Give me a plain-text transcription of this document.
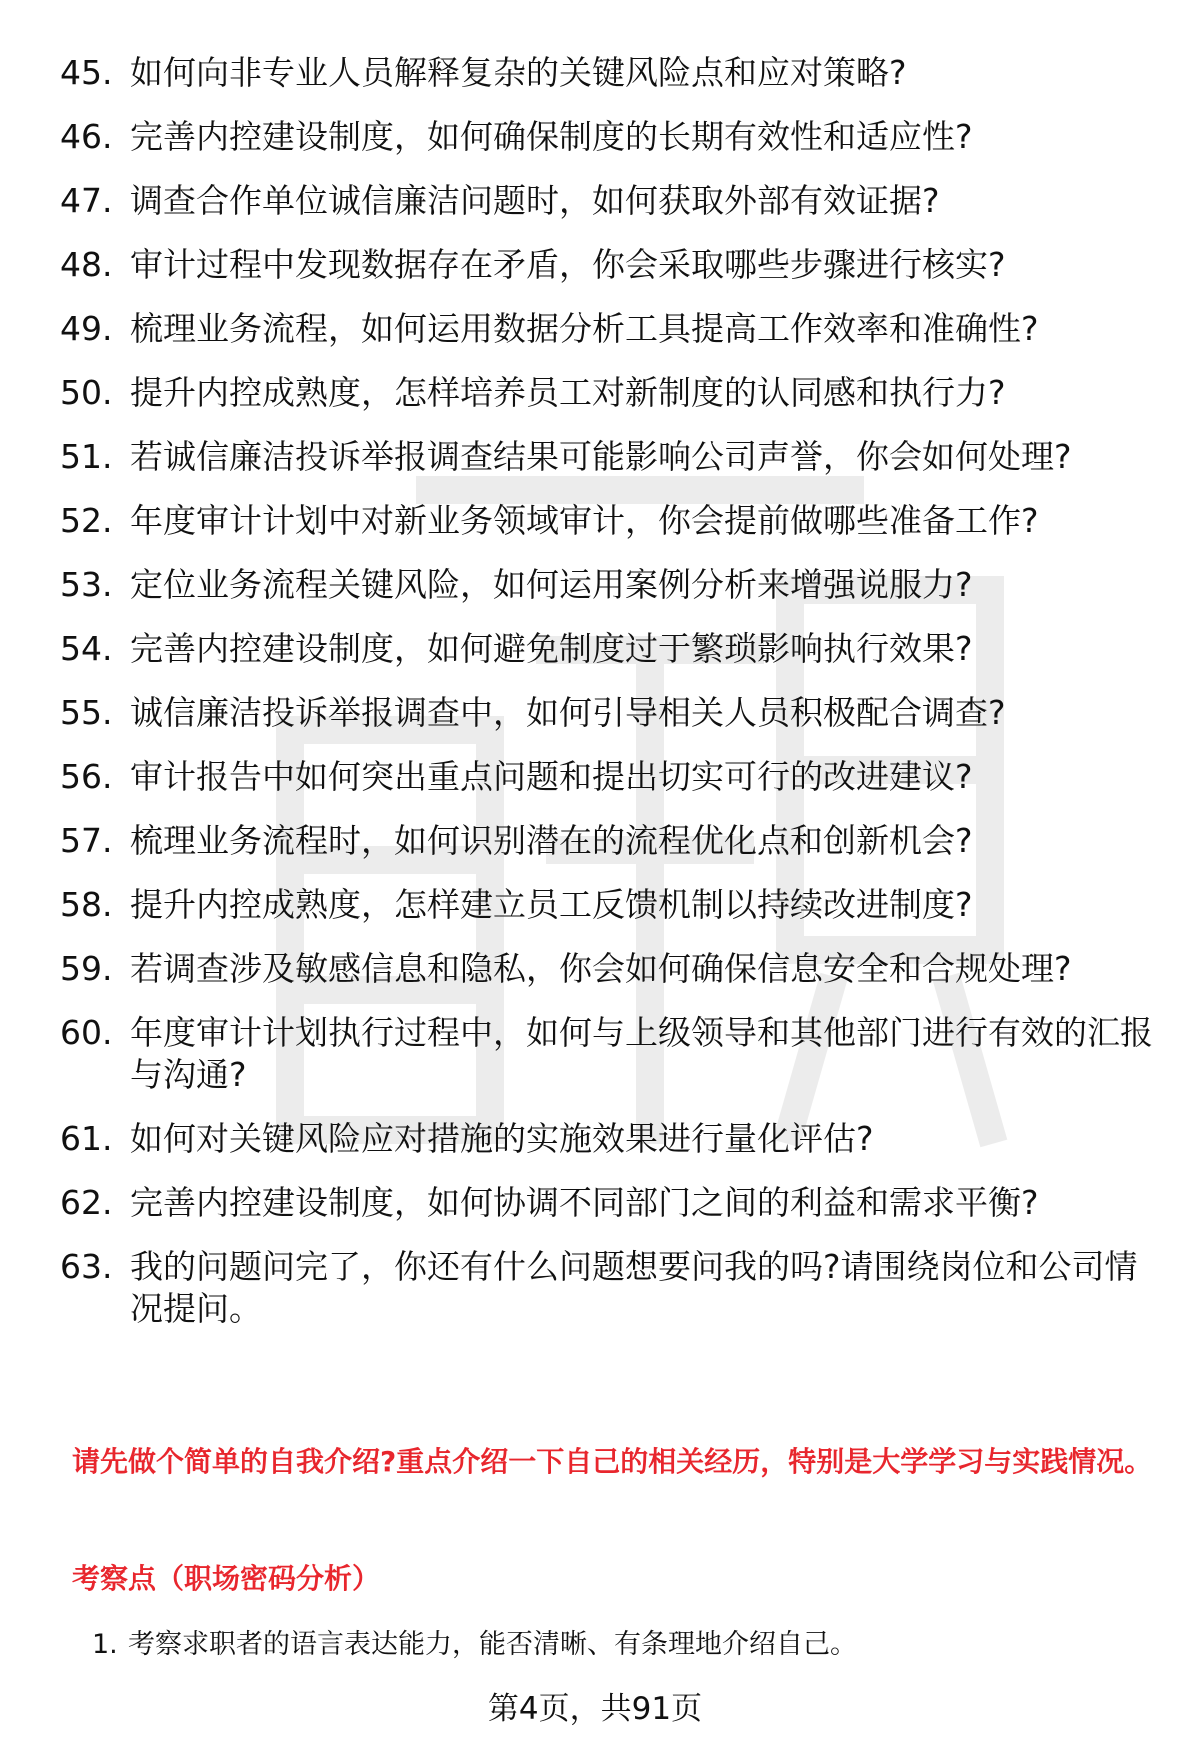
45. 如何向非专业人员解释复杂的关键风险点和应对策略?
46. 完善内控建设制度，如何确保制度的长期有效性和适应性?
47. 调查合作单位诚信廉洁问题时，如何获取外部有效证据?
48. 审计过程中发现数据存在矛盾，你会采取哪些步骤进行核实?
49. 梳理业务流程，如何运用数据分析工具提高工作效率和准确性?
50. 提升内控成熟度，怎样培养员工对新制度的认同感和执行力?
51. 若诚信廉洁投诉举报调查结果可能影响公司声誉，你会如何处理?
52. 年度审计计划中对新业务领域审计，你会提前做哪些准备工作?
53. 定位业务流程关键风险，如何运用案例分析来增强说服力?
54. 完善内控建设制度，如何避免制度过于繁琐影响执行效果?
55. 诚信廉洁投诉举报调查中，如何引导相关人员积极配合调查?
56. 审计报告中如何突出重点问题和提出切实可行的改进建议?
57. 梳理业务流程时，如何识别潜在的流程优化点和创新机会?
58. 提升内控成熟度，怎样建立员工反馈机制以持续改进制度?
59. 若调查涉及敏感信息和隐私，你会如何确保信息安全和合规处理?
60. 年度审计计划执行过程中，如何与上级领导和其他部门进行有效的汇报与沟通?
61. 如何对关键风险应对措施的实施效果进行量化评估?
62. 完善内控建设制度，如何协调不同部门之间的利益和需求平衡?
63. 我的问题问完了，你还有什么问题想要问我的吗?请围绕岗位和公司情况提问。

请先做个简单的自我介绍?重点介绍一下自己的相关经历，特别是大学学习与实践情况。

考察点（职场密码分析）

1. 考察求职者的语言表达能力，能否清晰、有条理地介绍自己。
第4页，共91页
